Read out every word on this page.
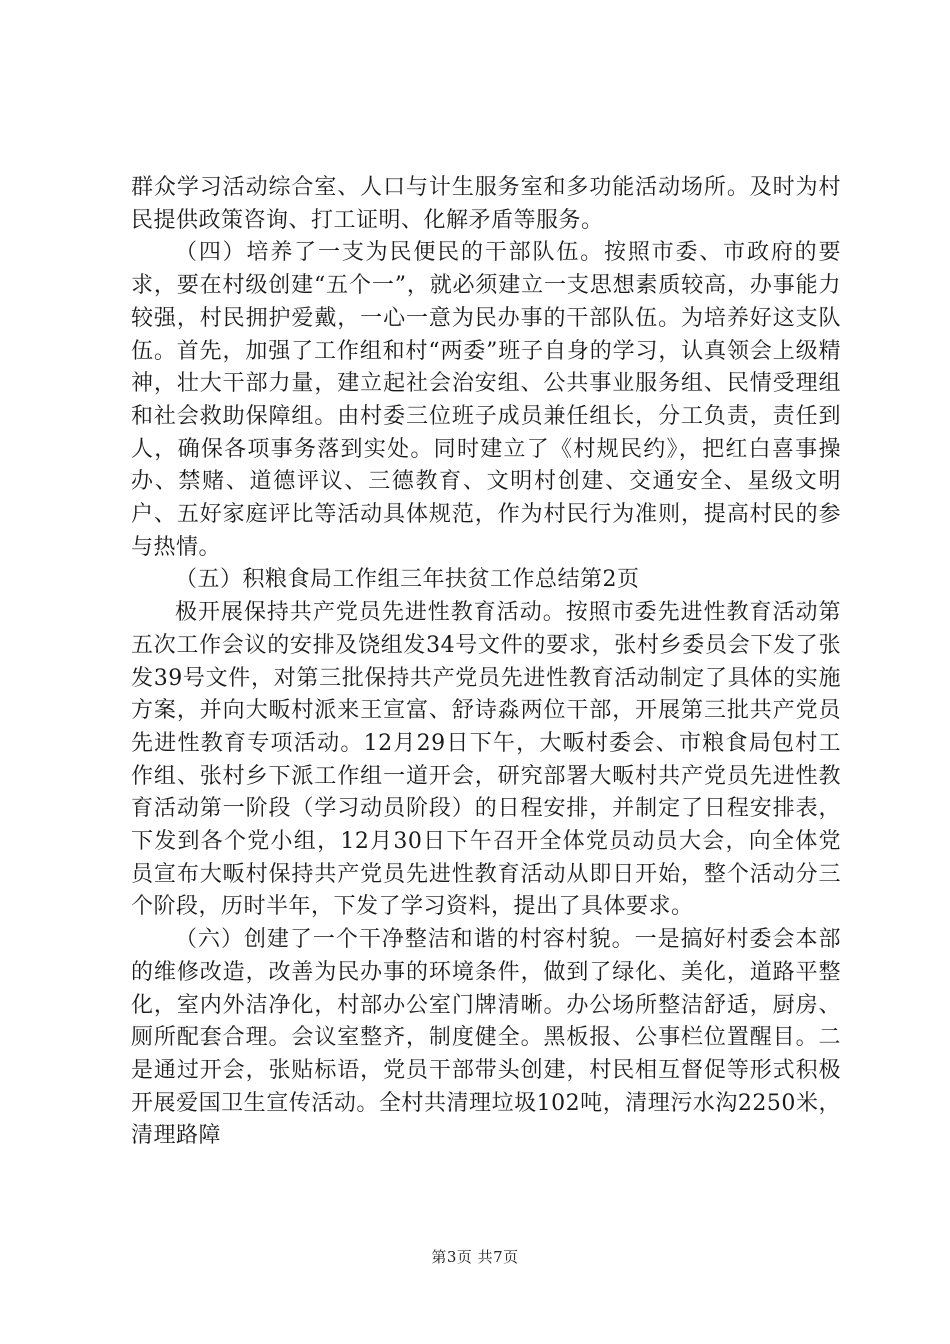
群众学习活动综合室、人口与计生服务室和多功能活动场所。及时为村民提供政策咨询、打工证明、化解矛盾等服务。

（四）培养了一支为民便民的干部队伍。按照市委、市政府的要求，要在村级创建“五个一”，就必须建立一支思想素质较高，办事能力较强，村民拥护爱戴，一心一意为民办事的干部队伍。为培养好这支队伍。首先，加强了工作组和村“两委”班子自身的学习，认真领会上级精神，壮大干部力量，建立起社会治安组、公共事业服务组、民情受理组和社会救助保障组。由村委三位班子成员兼任组长，分工负责，责任到人，确保各项事务落到实处。同时建立了《村规民约》，把红白喜事操办、禁赌、道德评议、三德教育、文明村创建、交通安全、星级文明户、五好家庭评比等活动具体规范，作为村民行为准则，提高村民的参与热情。

（五）积粮食局工作组三年扶贫工作总结第2页

极开展保持共产党员先进性教育活动。按照市委先进性教育活动第五次工作会议的安排及饶组发34号文件的要求，张村乡委员会下发了张发39号文件，对第三批保持共产党员先进性教育活动制定了具体的实施方案，并向大畈村派来王宣富、舒诗淼两位干部，开展第三批共产党员先进性教育专项活动。12月29日下午，大畈村委会、市粮食局包村工作组、张村乡下派工作组一道开会，研究部署大畈村共产党员先进性教育活动第一阶段（学习动员阶段）的日程安排，并制定了日程安排表，下发到各个党小组，12月30日下午召开全体党员动员大会，向全体党员宣布大畈村保持共产党员先进性教育活动从即日开始，整个活动分三个阶段，历时半年，下发了学习资料，提出了具体要求。

（六）创建了一个干净整洁和谐的村容村貌。一是搞好村委会本部的维修改造，改善为民办事的环境条件，做到了绿化、美化，道路平整化，室内外洁净化，村部办公室门牌清晰。办公场所整洁舒适，厨房、厕所配套合理。会议室整齐，制度健全。黑板报、公事栏位置醒目。二是通过开会，张贴标语，党员干部带头创建，村民相互督促等形式积极开展爱国卫生宣传活动。全村共清理垃圾102吨，清理污水沟2250米，清理路障

第3页 共7页
